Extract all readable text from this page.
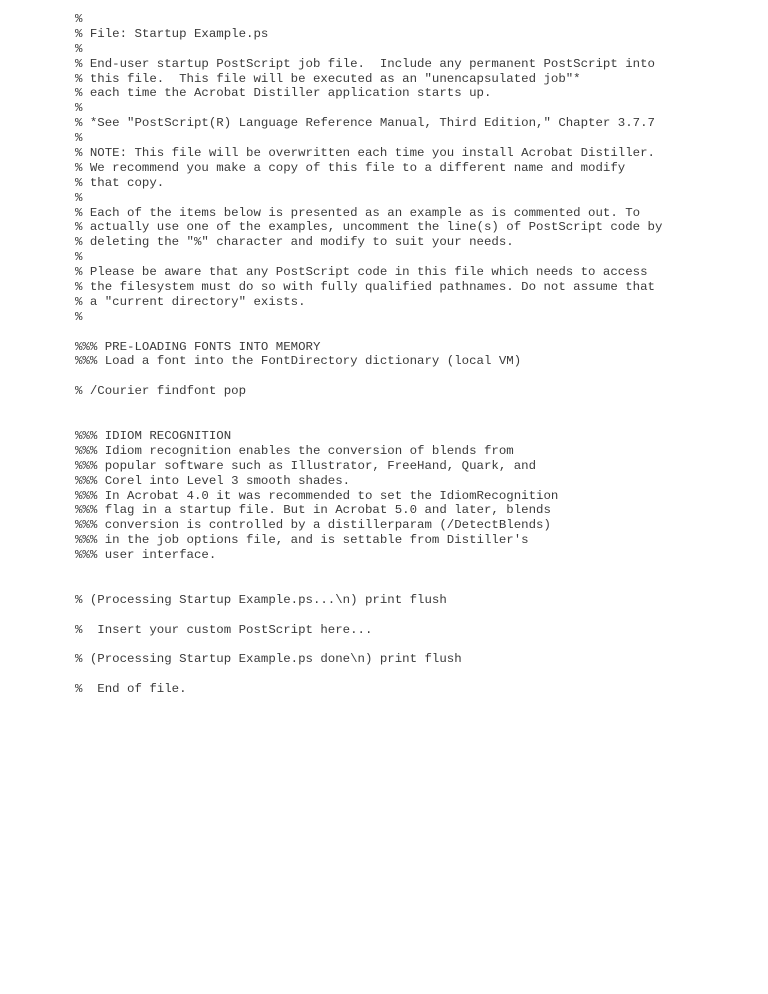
%
% File: Startup Example.ps
%
% End-user startup PostScript job file.  Include any permanent PostScript into
% this file.  This file will be executed as an "unencapsulated job"*
% each time the Acrobat Distiller application starts up.
%
% *See "PostScript(R) Language Reference Manual, Third Edition," Chapter 3.7.7
%
% NOTE: This file will be overwritten each time you install Acrobat Distiller.
% We recommend you make a copy of this file to a different name and modify
% that copy.
%
% Each of the items below is presented as an example as is commented out. To
% actually use one of the examples, uncomment the line(s) of PostScript code by
% deleting the "%" character and modify to suit your needs.
%
% Please be aware that any PostScript code in this file which needs to access
% the filesystem must do so with fully qualified pathnames. Do not assume that
% a "current directory" exists.
%
%%% PRE-LOADING FONTS INTO MEMORY
%%% Load a font into the FontDirectory dictionary (local VM)
% /Courier findfont pop
%%% IDIOM RECOGNITION
%%% Idiom recognition enables the conversion of blends from
%%% popular software such as Illustrator, FreeHand, Quark, and
%%% Corel into Level 3 smooth shades.
%%% In Acrobat 4.0 it was recommended to set the IdiomRecognition
%%% flag in a startup file. But in Acrobat 5.0 and later, blends
%%% conversion is controlled by a distillerparam (/DetectBlends)
%%% in the job options file, and is settable from Distiller's
%%% user interface.
% (Processing Startup Example.ps...\n) print flush
%  Insert your custom PostScript here...
% (Processing Startup Example.ps done\n) print flush
%  End of file.
